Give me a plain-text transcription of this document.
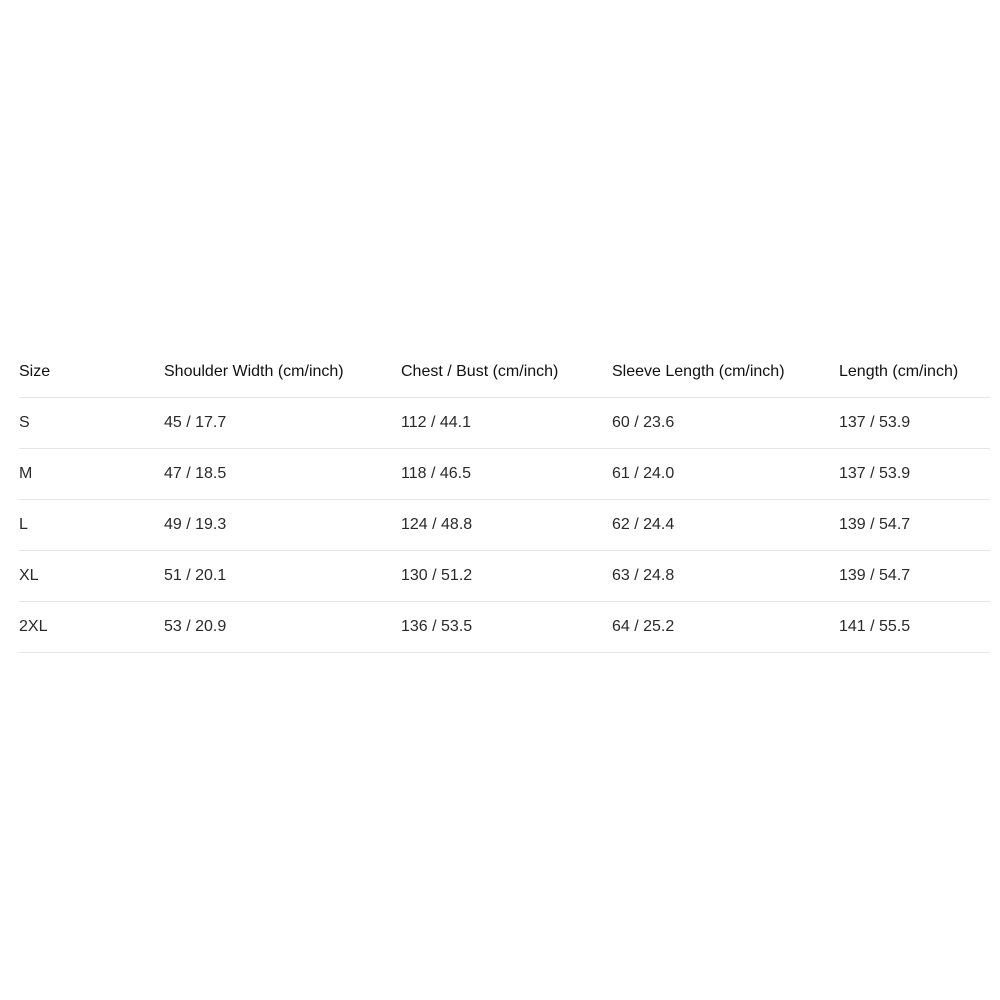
Size	Shoulder Width (cm/inch)	Chest / Bust (cm/inch)	Sleeve Length (cm/inch)	Length (cm/inch)
S	45 / 17.7	112 / 44.1	60 / 23.6	137 / 53.9
M	47 / 18.5	118 / 46.5	61 / 24.0	137 / 53.9
L	49 / 19.3	124 / 48.8	62 / 24.4	139 / 54.7
XL	51 / 20.1	130 / 51.2	63 / 24.8	139 / 54.7
2XL	53 / 20.9	136 / 53.5	64 / 25.2	141 / 55.5
